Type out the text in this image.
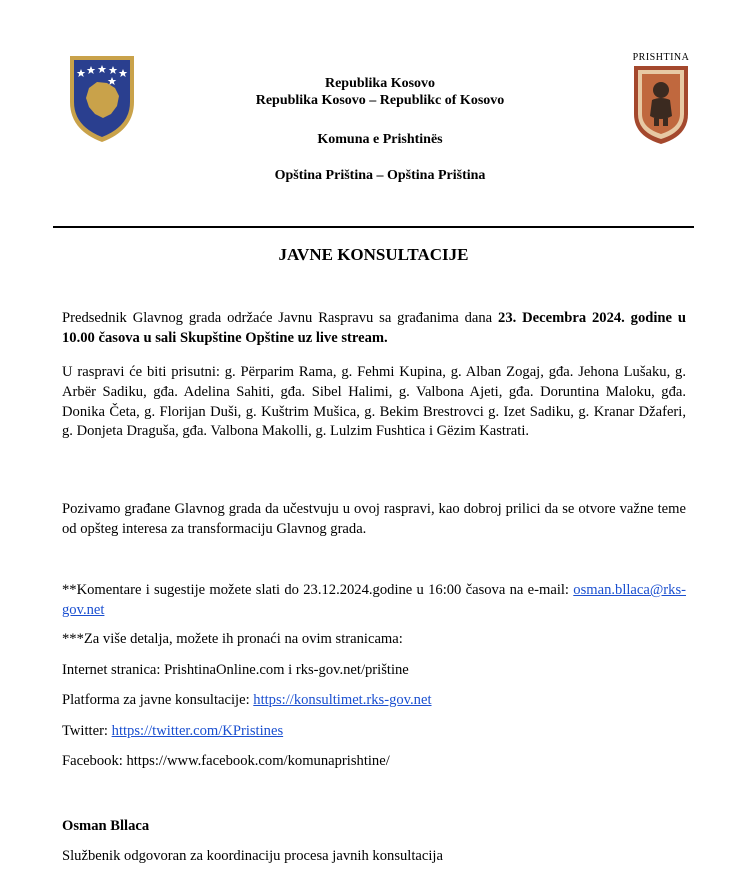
PRISHTINA
Republika Kosovo
Republika Kosovo – Republikc of Kosovo
Komuna e Prishtinës
Opština Priština – Opština Priština
JAVNE KONSULTACIJE
Predsednik Glavnog grada održaće Javnu Raspravu sa građanima dana 23. Decembra 2024. godine u 10.00 časova u sali Skupštine Opštine uz live stream.
U raspravi će biti prisutni: g. Përparim Rama, g. Fehmi Kupina, g. Alban Zogaj, gđa. Jehona Lušaku, g. Arbër Sadiku, gđa. Adelina Sahiti, gđa. Sibel Halimi, g. Valbona Ajeti, gđa. Doruntina Maloku, gđa. Donika Četa, g. Florijan Duši, g. Kuštrim Mušica, g. Bekim Brestrovci g. Izet Sadiku, g. Kranar Džaferi, g. Donjeta Draguša, gđa. Valbona Makolli, g. Lulzim Fushtica i Gëzim Kastrati.
Pozivamo građane Glavnog grada da učestvuju u ovoj raspravi, kao dobroj prilici da se otvore važne teme od opšteg interesa za transformaciju Glavnog grada.
**Komentare i sugestije možete slati do 23.12.2024.godine u 16:00 časova na e-mail: osman.bllaca@rks-gov.net
***Za više detalja, možete ih pronaći na ovim stranicama:
Internet stranica: PrishtinaOnline.com i rks-gov.net/prištine
Platforma za javne konsultacije: https://konsultimet.rks-gov.net
Twitter: https://twitter.com/KPristines
Facebook: https://www.facebook.com/komunaprishtine/
Osman Bllaca
Službenik odgovoran za koordinaciju procesa javnih konsultacija
